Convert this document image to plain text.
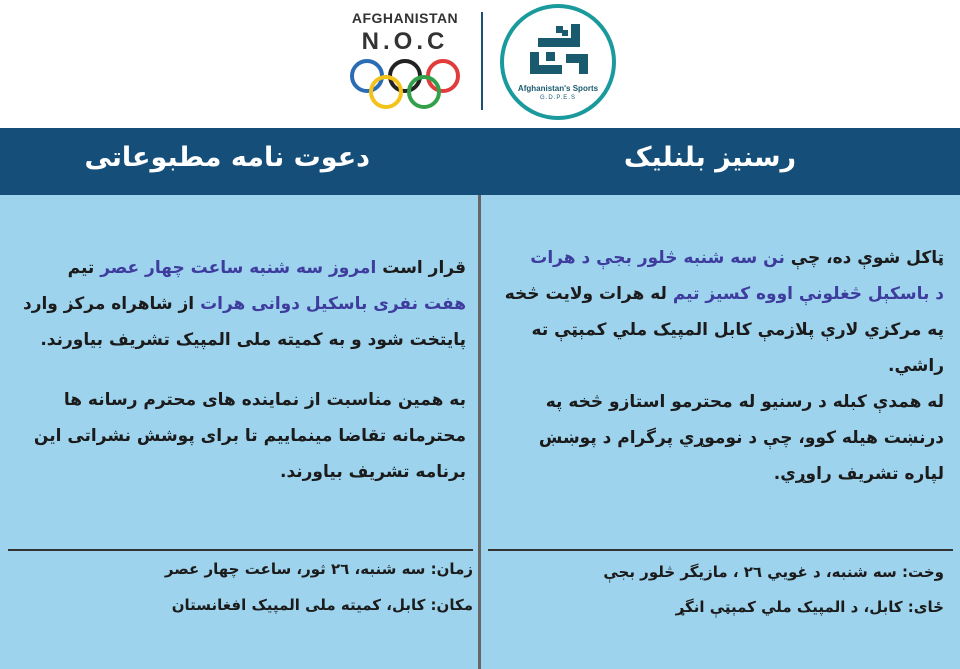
AFGHANISTAN
N.O.C
Afghanistan's Sports
G.D.P.E.S
دعوت نامه مطبوعاتی	رسنیز بلنلیک

قرار است امروز سه شنبه ساعت چهار عصر تیم
هفت نفری باسکیل دوانی هرات از شاهراه مرکز وارد پایتخت شود و به کمیته ملی المپیک تشریف بیاورند.

به همین مناسبت از نماینده های محترم رسانه ها محترمانه تقاضا مینماییم تا برای پوشش نشراتی این برنامه تشریف بیاورند.

ټاکل شوې ده، چې نن سه شنبه څلور بجې د هرات
د باسکېل څغلونې اووه کسیز تیم له هرات ولایت څخه په مرکزي لارې پلازمې کابل المپیک ملي کمېټې ته راشي.

له همدې کبله د رسنیو له محترمو استازو څخه په درنښت هیله کوو، چې د نوموړي پرگرام د پوښښ لپاره تشریف راوړي.

زمان: سه شنبه، ۲٦ ثور، ساعت چهار عصر
مکان: کابل، کمیته ملی المپیک افغانستان
وخت: سه شنبه، د غويي ۲٦ ، مازیگر څلور بجې
ځای: کابل، د المپیک ملي کمېټې انگړ
